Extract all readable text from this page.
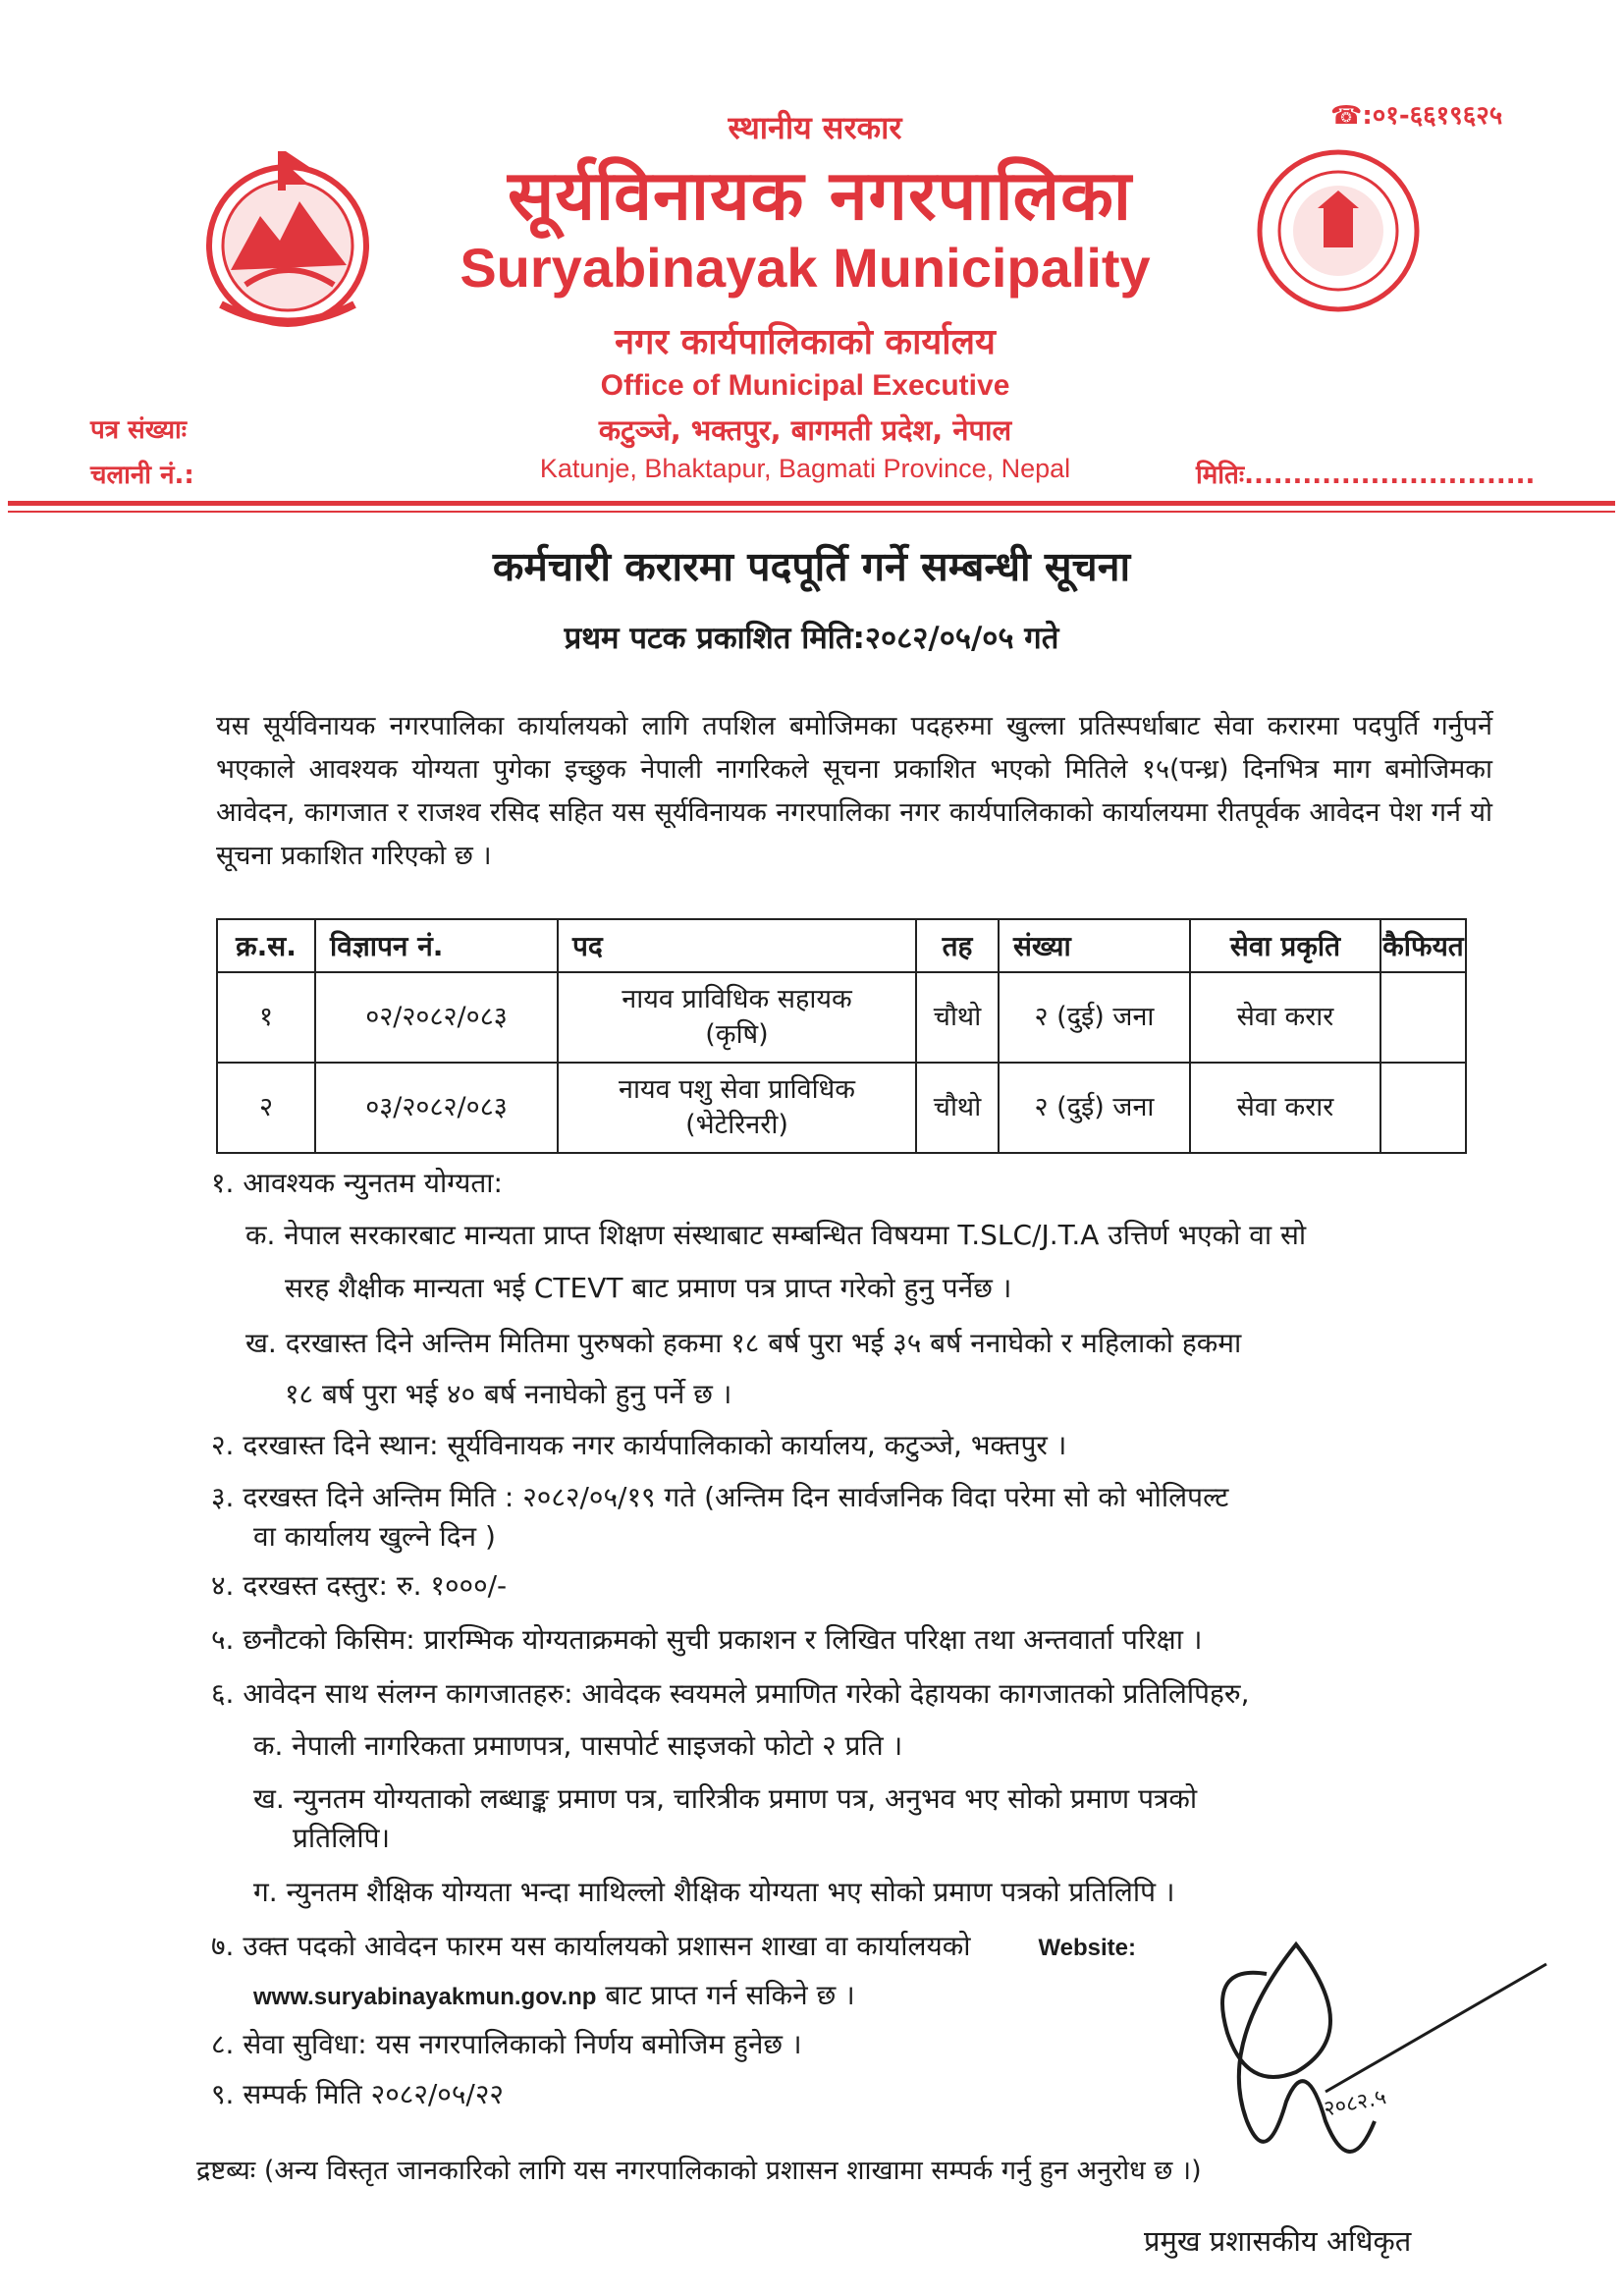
स्थानीय सरकार	☎:०१-६६१९६२५
सूर्यविनायक नगरपालिका
Suryabinayak Municipality
नगर कार्यपालिकाको कार्यालय
Office of Municipal Executive
कटुञ्जे, भक्तपुर, बागमती प्रदेश, नेपाल
Katunje, Bhaktapur, Bagmati Province, Nepal
पत्र संख्याः
चलानी नं.:	मितिः..............................
कर्मचारी करारमा पदपूर्ति गर्ने सम्बन्धी सूचना
प्रथम पटक प्रकाशित मिति:२०८२/०५/०५ गते
यस सूर्यविनायक नगरपालिका कार्यालयको लागि तपशिल बमोजिमका पदहरुमा खुल्ला प्रतिस्पर्धाबाट सेवा करारमा पदपुर्ति गर्नुपर्ने भएकाले आवश्यक योग्यता पुगेका इच्छुक नेपाली नागरिकले सूचना प्रकाशित भएको मितिले १५(पन्ध्र) दिनभित्र माग बमोजिमका आवेदन, कागजात र राजश्व रसिद सहित यस सूर्यविनायक नगरपालिका नगर कार्यपालिकाको कार्यालयमा रीतपूर्वक आवेदन पेश गर्न यो सूचना प्रकाशित गरिएको छ ।
क्र.स.	विज्ञापन नं.	पद	तह	संख्या	सेवा प्रकृति	कैफियत
१	०२/२०८२/०८३	नायव प्राविधिक सहायक
(कृषि)	चौथो	२ (दुई) जना	सेवा करार	
२	०३/२०८२/०८३	नायव पशु सेवा प्राविधिक
(भेटेरिनरी)	चौथो	२ (दुई) जना	सेवा करार	
१. आवश्यक न्युनतम योग्यता:
क. नेपाल सरकारबाट मान्यता प्राप्त शिक्षण संस्थाबाट सम्बन्धित विषयमा T.SLC/J.T.A उत्तिर्ण भएको वा सो
सरह शैक्षीक मान्यता भई CTEVT बाट प्रमाण पत्र प्राप्त गरेको हुनु पर्नेछ ।
ख. दरखास्त दिने अन्तिम मितिमा पुरुषको हकमा १८ बर्ष पुरा भई ३५ बर्ष ननाघेको र महिलाको हकमा
१८ बर्ष पुरा भई ४० बर्ष ननाघेको हुनु पर्ने छ ।
२. दरखास्त दिने स्थान: सूर्यविनायक नगर कार्यपालिकाको कार्यालय, कटुञ्जे, भक्तपुर ।
३. दरखस्त दिने अन्तिम मिति : २०८२/०५/१९ गते (अन्तिम दिन सार्वजनिक विदा परेमा सो को भोलिपल्ट
वा कार्यालय खुल्ने दिन )
४. दरखस्त दस्तुर: रु. १०००/-
५. छनौटको किसिम: प्रारम्भिक योग्यताक्रमको सुची प्रकाशन र लिखित परिक्षा तथा अन्तवार्ता परिक्षा ।
६. आवेदन साथ संलग्न कागजातहरु: आवेदक स्वयमले प्रमाणित गरेको देहायका कागजातको प्रतिलिपिहरु,
क. नेपाली नागरिकता प्रमाणपत्र, पासपोर्ट साइजको फोटो २ प्रति ।
ख. न्युनतम योग्यताको लब्धाङ्क प्रमाण पत्र, चारित्रीक प्रमाण पत्र, अनुभव भए सोको प्रमाण पत्रको
प्रतिलिपि।
ग. न्युनतम शैक्षिक योग्यता भन्दा माथिल्लो शैक्षिक योग्यता भए सोको प्रमाण पत्रको प्रतिलिपि ।
७. उक्त पदको आवेदन फारम यस कार्यालयको प्रशासन शाखा वा कार्यालयको	Website:
www.suryabinayakmun.gov.np बाट प्राप्त गर्न सकिने छ ।
८. सेवा सुविधा: यस नगरपालिकाको निर्णय बमोजिम हुनेछ ।
९. सम्पर्क मिति २०८२/०५/२२
द्रष्टब्यः (अन्य विस्तृत जानकारिको लागि यस नगरपालिकाको प्रशासन शाखामा सम्पर्क गर्नु हुन अनुरोध छ ।)
२०८२.५
प्रमुख प्रशासकीय अधिकृत
